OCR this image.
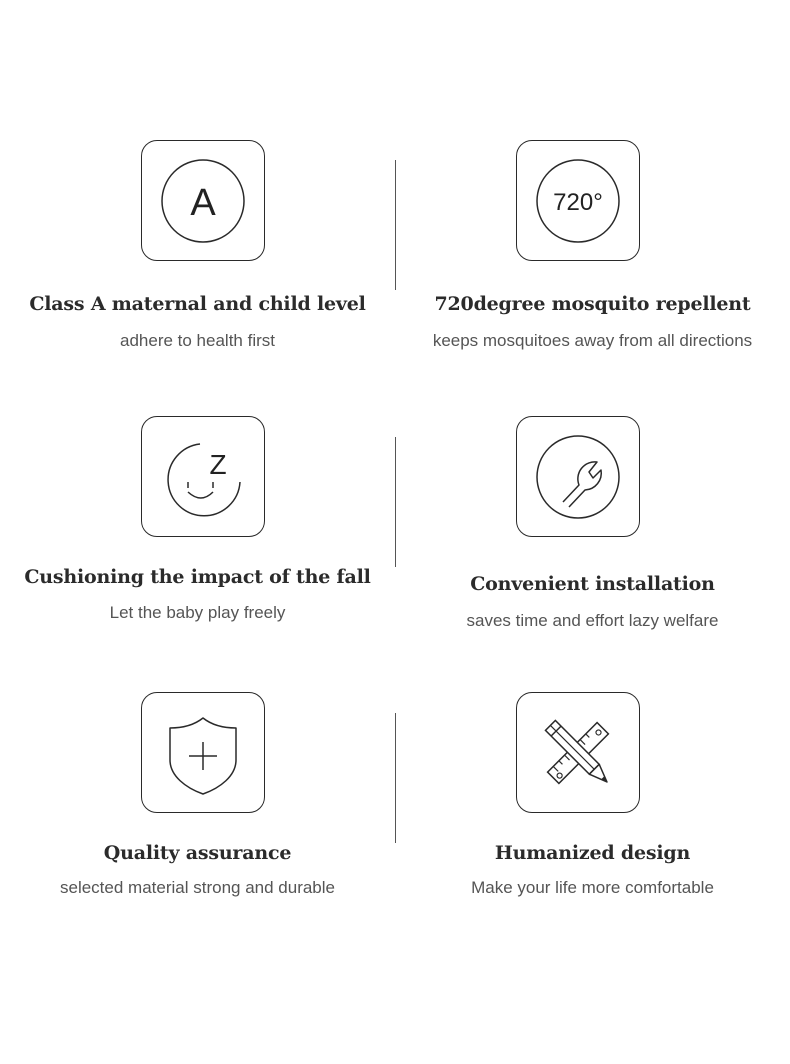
A
Class A maternal and child level
adhere to health first
720°
720degree mosquito repellent
keeps mosquitoes away from all directions
Z
Cushioning the impact of the fall
Let the baby play freely
Convenient installation
saves time and effort lazy welfare
Quality assurance
selected material strong and durable
Humanized design
Make your life more comfortable
